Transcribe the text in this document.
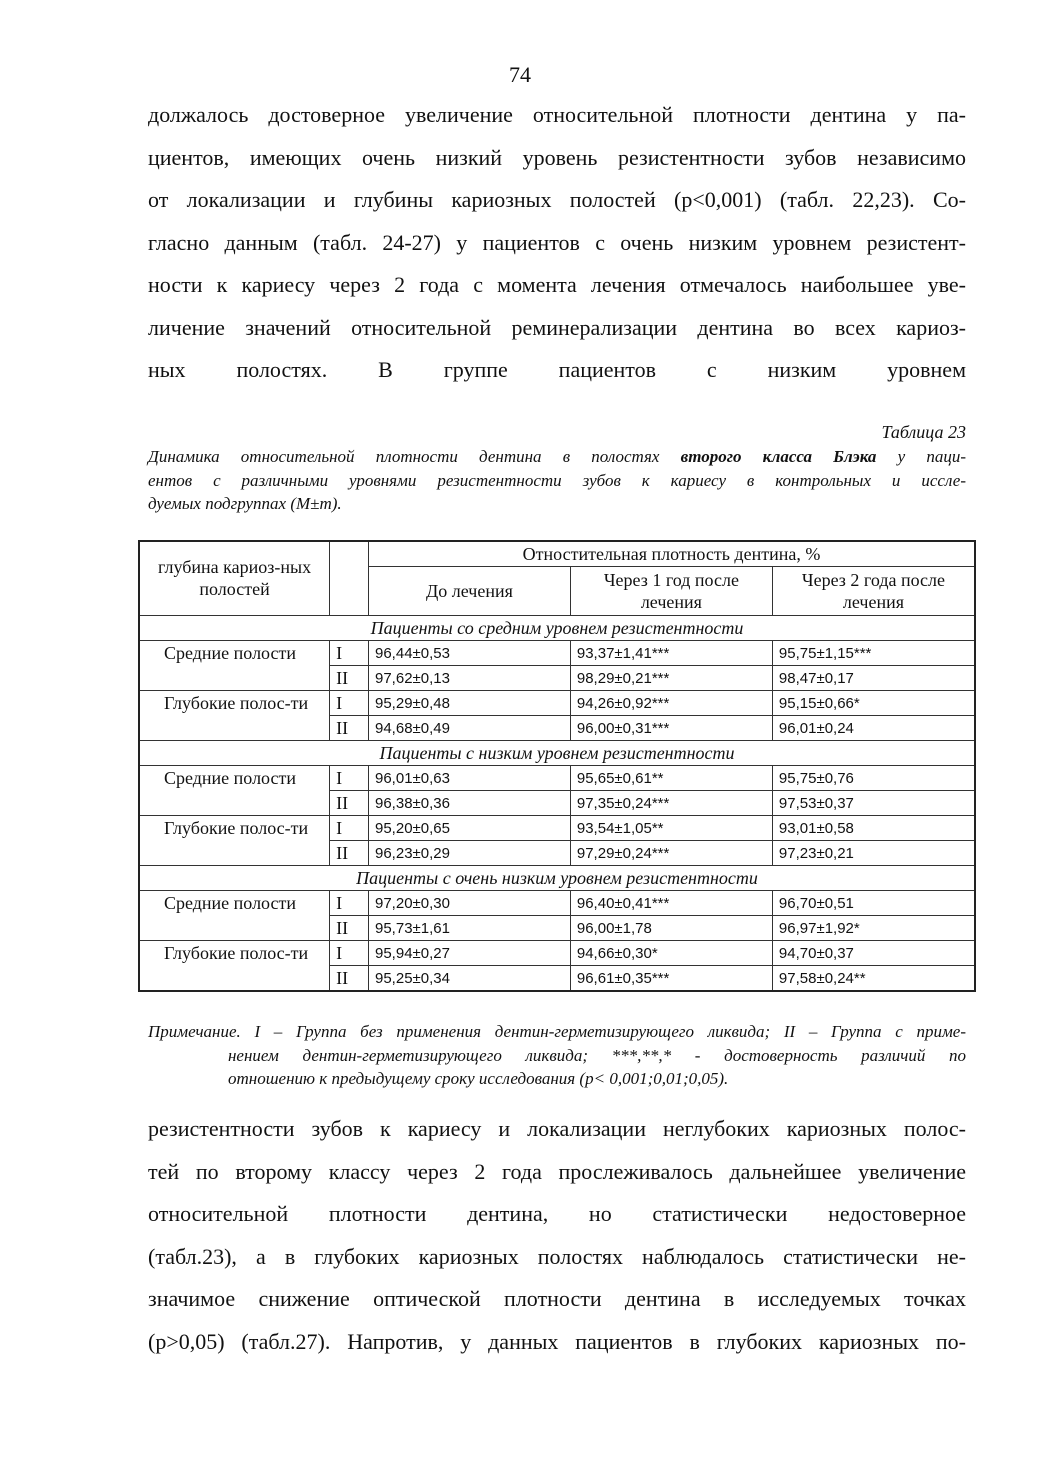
74
должалось достоверное увеличение относительной плотности дентина у па-
циентов, имеющих очень низкий уровень резистентности зубов независимо
от локализации и глубины кариозных полостей (р<0,001) (табл. 22,23). Со-
гласно данным (табл. 24-27) у пациентов с очень низким уровнем резистент-
ности к кариесу через 2 года с момента лечения отмечалось наибольшее уве-
личение значений относительной реминерализации дентина во всех кариоз-
ных полостях. В группе пациентов с низким уровнем
Таблица 23
Динамика относительной плотности дентина в полостях второго класса Блэка у паци-
ентов с различными уровнями резистентности зубов к кариесу в контрольных и иссле-
дуемых подгруппах (M±m).
глубина кариоз-ных полостей		Отностительная плотность дентина, %		
		До лечения	Через 1 год после лечения	Через 2 года после лечения
Пациенты со средним уровнем резистентности				
Средние полости	I	96,44±0,53	93,37±1,41***	95,75±1,15***
	II	97,62±0,13	98,29±0,21***	98,47±0,17
Глубокие полос-ти	I	95,29±0,48	94,26±0,92***	95,15±0,66*
	II	94,68±0,49	96,00±0,31***	96,01±0,24
Пациенты с низким уровнем резистентности				
Средние полости	I	96,01±0,63	95,65±0,61**	95,75±0,76
	II	96,38±0,36	97,35±0,24***	97,53±0,37
Глубокие полос-ти	I	95,20±0,65	93,54±1,05**	93,01±0,58
	II	96,23±0,29	97,29±0,24***	97,23±0,21
Пациенты с очень низким уровнем резистентности				
Средние полости	I	97,20±0,30	96,40±0,41***	96,70±0,51
	II	95,73±1,61	96,00±1,78	96,97±1,92*
Глубокие полос-ти	I	95,94±0,27	94,66±0,30*	94,70±0,37
	II	95,25±0,34	96,61±0,35***	97,58±0,24**
Примечание. I – Группа без применения дентин-герметизирующего ликвида; II – Группа с приме-
нением дентин-герметизирующего ликвида; ***,**,* - достоверность различий по
отношению к предыдущему сроку исследования (р< 0,001;0,01;0,05).
резистентности зубов к кариесу и локализации неглубоких кариозных полос-
тей по второму классу через 2 года прослеживалось дальнейшее увеличение
относительной плотности дентина, но статистически недостоверное
(табл.23), а в глубоких кариозных полостях наблюдалось статистически не-
значимое снижение оптической плотности дентина в исследуемых точках
(р>0,05) (табл.27). Напротив, у данных пациентов в глубоких кариозных по-
